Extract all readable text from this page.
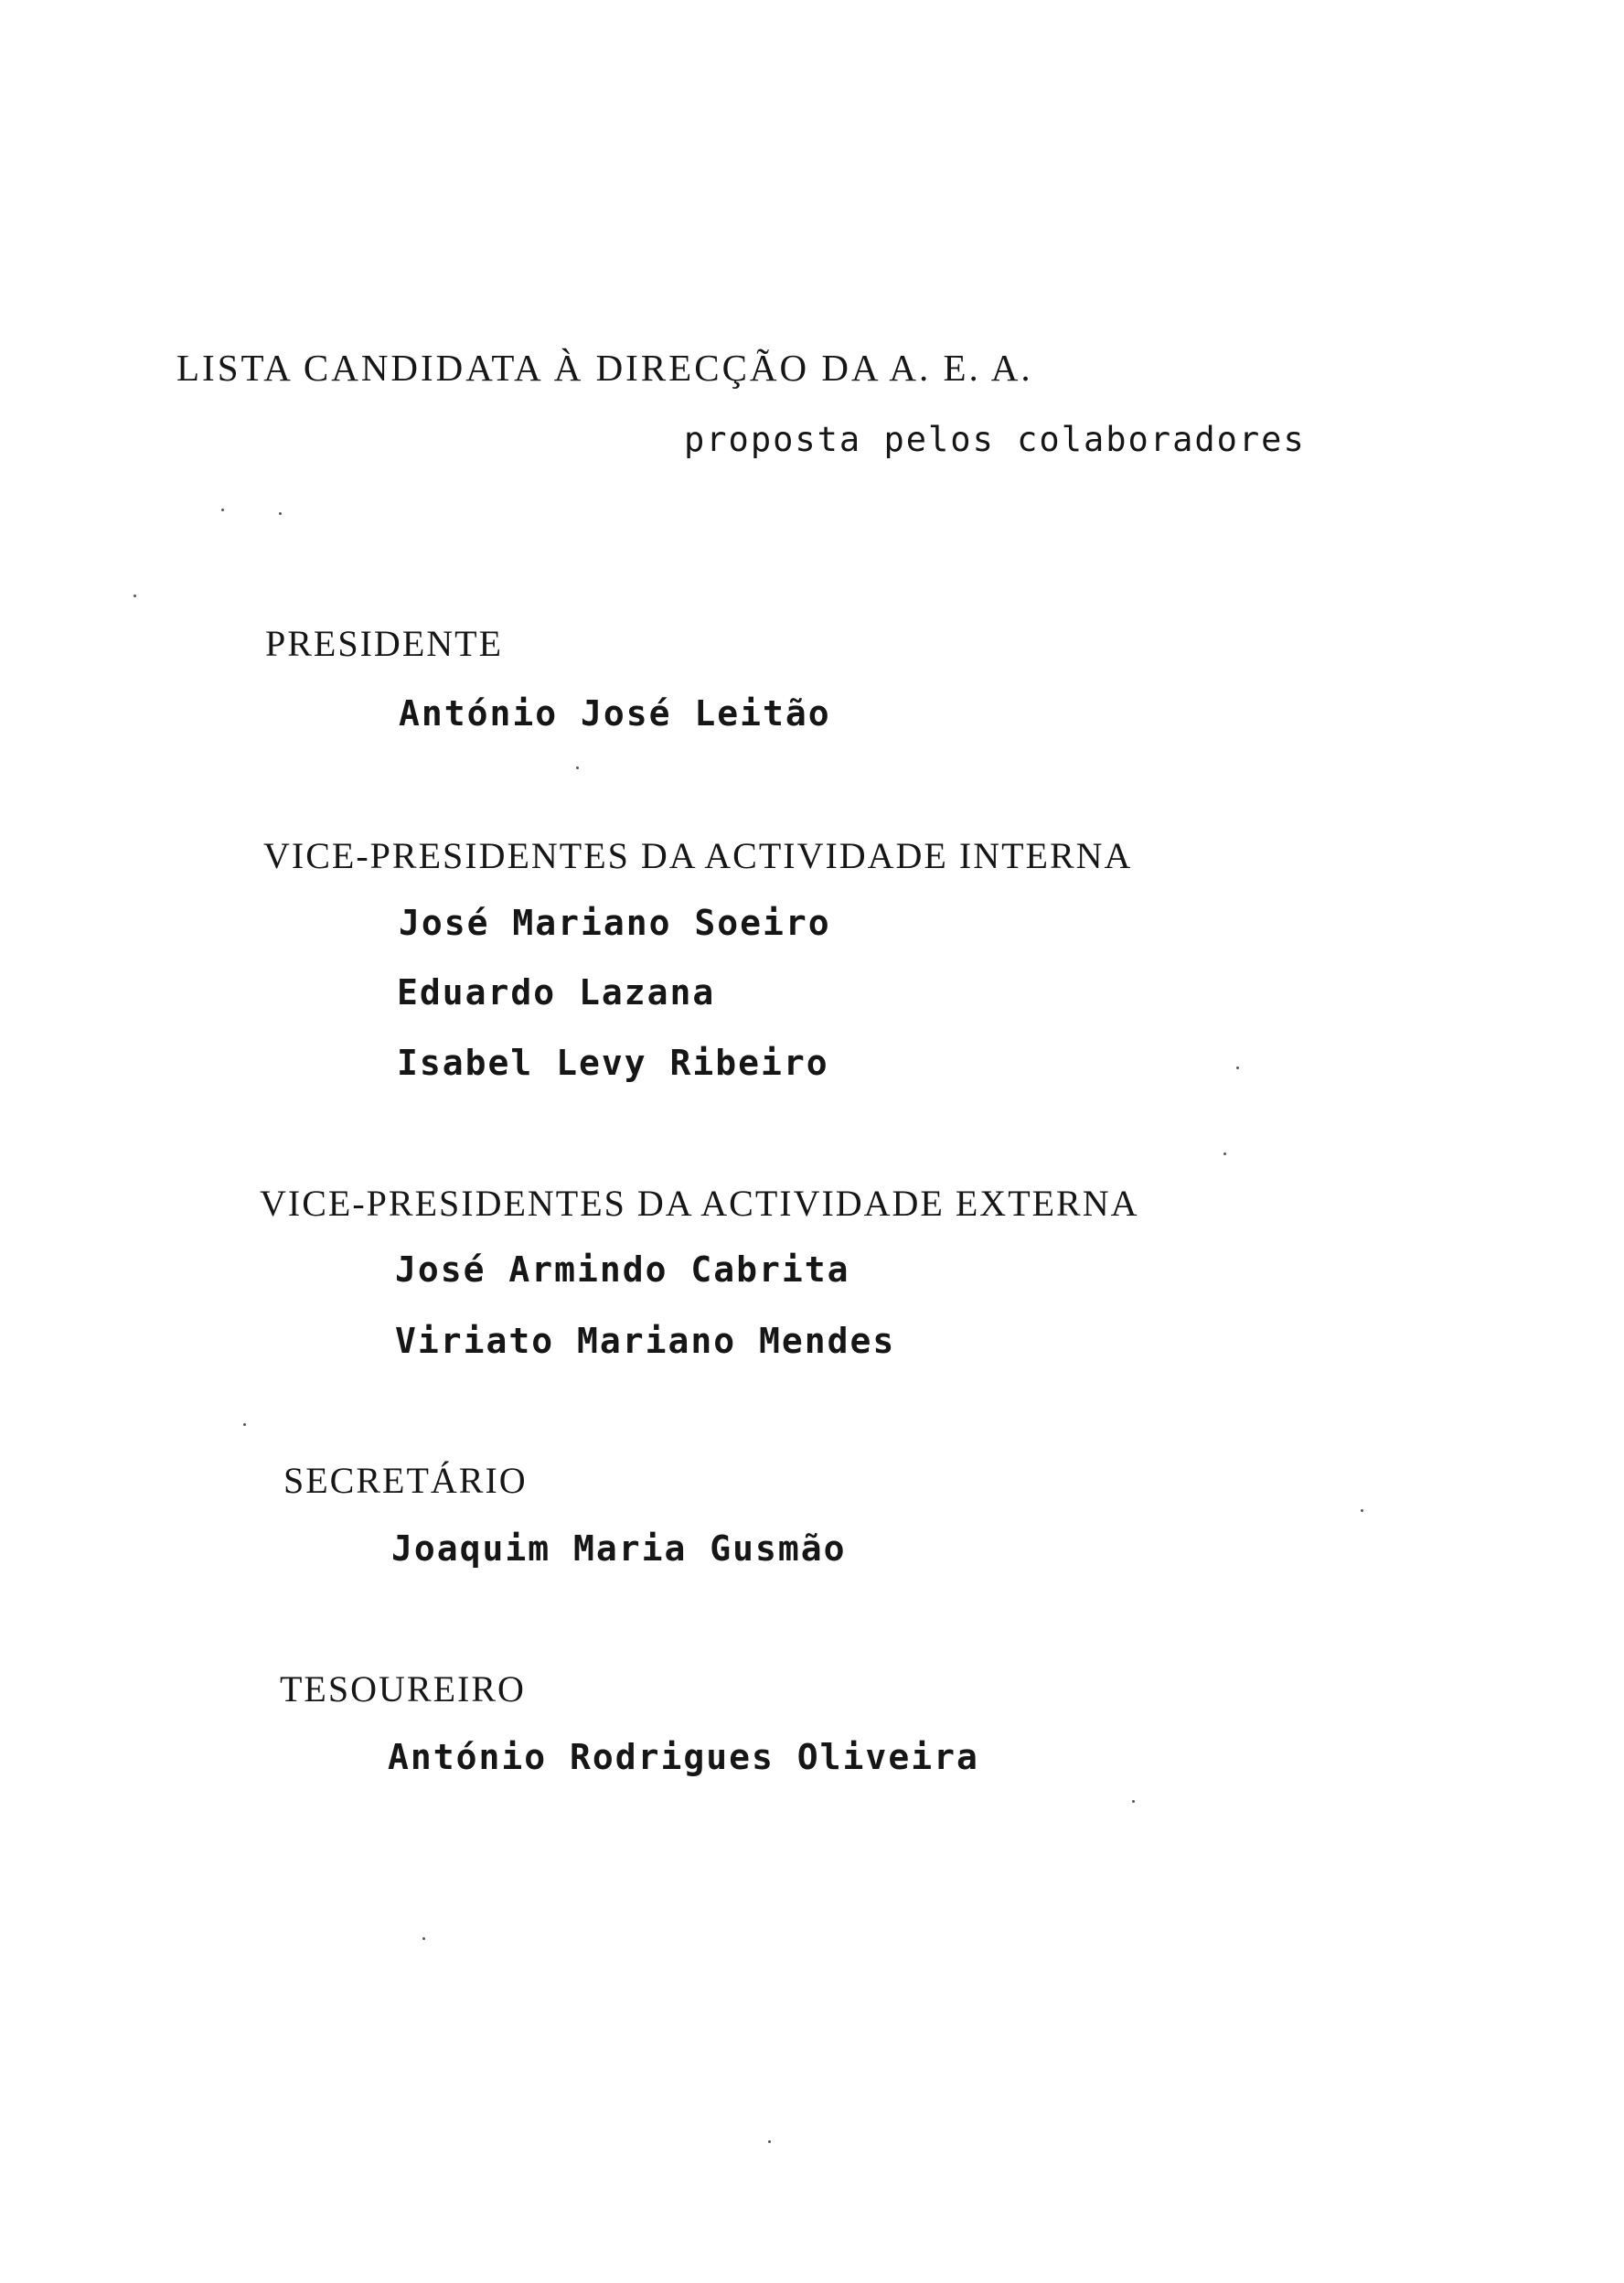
LISTA CANDIDATA À DIRECÇÃO DA A. E. A.
proposta pelos colaboradores
PRESIDENTE
António José Leitão
VICE-PRESIDENTES DA ACTIVIDADE INTERNA
José Mariano Soeiro
Eduardo Lazana
Isabel Levy Ribeiro
VICE-PRESIDENTES DA ACTIVIDADE EXTERNA
José Armindo Cabrita
Viriato Mariano Mendes
SECRETÁRIO
Joaquim Maria Gusmão
TESOUREIRO
António Rodrigues Oliveira
